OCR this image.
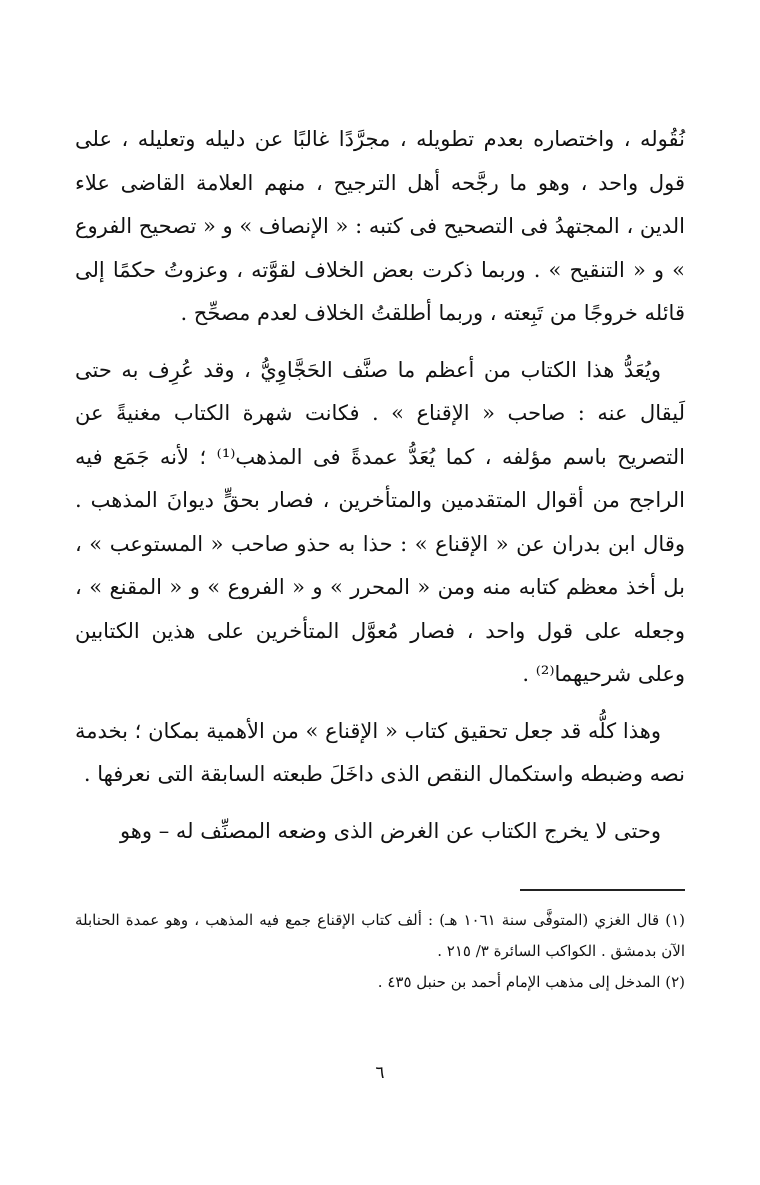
نُقُوله ، واختصاره بعدم تطويله ، مجرَّدًا غالبًا عن دليله وتعليله ، على قول واحد ، وهو ما رجَّحه أهل الترجيح ، منهم العلامة القاضى علاء الدين ، المجتهدُ فى التصحيح فى كتبه : « الإنصاف » و « تصحيح الفروع » و « التنقيح » . وربما ذكرت بعض الخلاف لقوَّته ، وعزوتُ حكمًا إلى قائله خروجًا من تَبِعته ، وربما أطلقتُ الخلاف لعدم مصحِّح .

ويُعَدُّ هذا الكتاب من أعظم ما صنَّف الحَجَّاوِيُّ ، وقد عُرِف به حتى لَيقال عنه : صاحب « الإقناع » . فكانت شهرة الكتاب مغنيةً عن التصريح باسم مؤلفه ، كما يُعَدُّ عمدةً فى المذهب⁽¹⁾ ؛ لأنه جَمَع فيه الراجح من أقوال المتقدمين والمتأخرين ، فصار بحقٍّ ديوانَ المذهب . وقال ابن بدران عن « الإقناع » : حذا به حذو صاحب « المستوعب » ، بل أخذ معظم كتابه منه ومن « المحرر » و « الفروع » و « المقنع » ، وجعله على قول واحد ، فصار مُعوَّل المتأخرين على هذين الكتابين وعلى شرحيهما⁽²⁾ .

وهذا كلُّه قد جعل تحقيق كتاب « الإقناع » من الأهمية بمكان ؛ بخدمة نصه وضبطه واستكمال النقص الذى داخَلَ طبعته السابقة التى نعرفها .

وحتى لا يخرج الكتاب عن الغرض الذى وضعه المصنِّف له – وهو

(١) قال الغزي (المتوفَّى سنة ١٠٦١ هـ) : ألف كتاب الإقناع جمع فيه المذهب ، وهو عمدة الحنابلة الآن بدمشق . الكواكب السائرة ٣/ ٢١٥ .

(٢) المدخل إلى مذهب الإمام أحمد بن حنبل ٤٣٥ .

٦
